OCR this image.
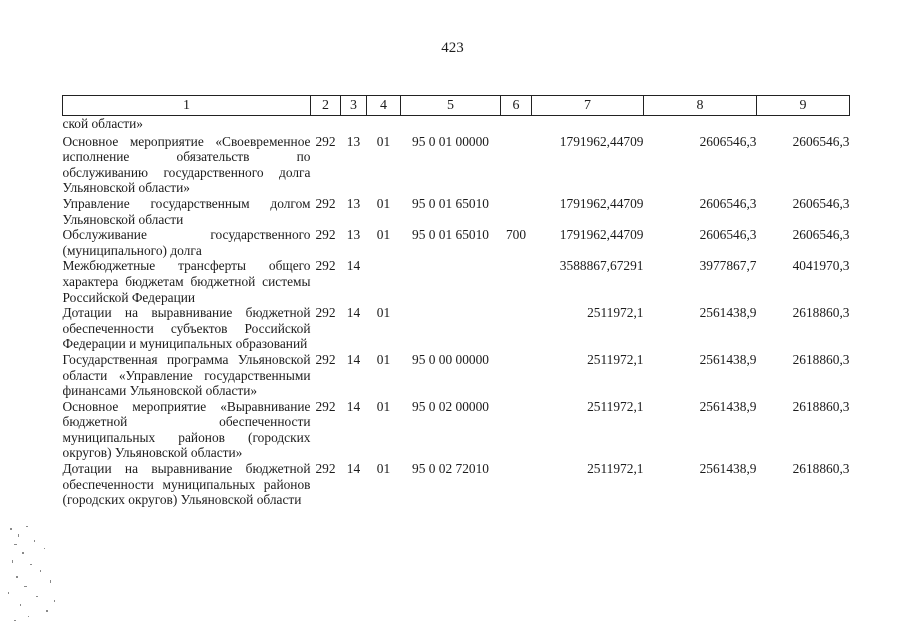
423
1	2	3	4	5	6	7	8	9
ской области»								
Основное мероприятие «Своевременное исполнение обязательств по обслуживанию государственного долга Ульяновской области»	292	13	01	95 0 01 00000		1791962,44709	2606546,3	2606546,3
Управление государственным долгом Ульяновской области	292	13	01	95 0 01 65010		1791962,44709	2606546,3	2606546,3
Обслуживание государственного (муниципального) долга	292	13	01	95 0 01 65010	700	1791962,44709	2606546,3	2606546,3
Межбюджетные трансферты общего характера бюджетам бюджетной системы Российской Федерации	292	14				3588867,67291	3977867,7	4041970,3
Дотации на выравнивание бюджетной обеспеченности субъектов Российской Федерации и муниципальных образований	292	14	01			2511972,1	2561438,9	2618860,3
Государственная программа Ульяновской области «Управление государственными финансами Ульяновской области»	292	14	01	95 0 00 00000		2511972,1	2561438,9	2618860,3
Основное мероприятие «Выравнивание бюджетной обеспеченности муниципальных районов (городских округов) Ульяновской области»	292	14	01	95 0 02 00000		2511972,1	2561438,9	2618860,3
Дотации на выравнивание бюджетной обеспеченности муниципальных районов (городских округов) Ульяновской области	292	14	01	95 0 02 72010		2511972,1	2561438,9	2618860,3
